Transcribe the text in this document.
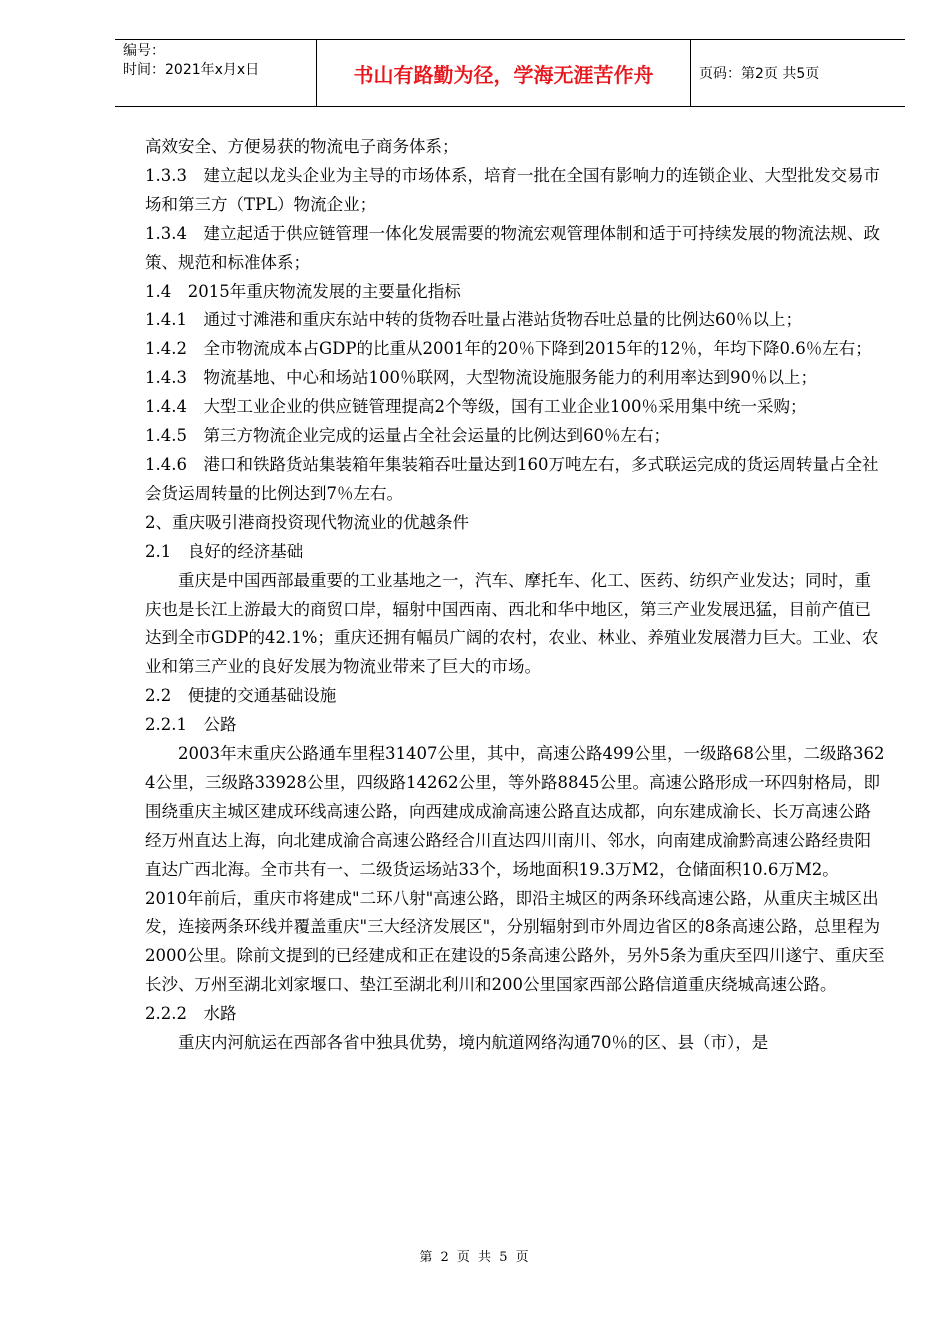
编号：
时间：2021年x月x日	书山有路勤为径，学海无涯苦作舟	页码：第2页 共5页

高效安全、方便易获的物流电子商务体系；

1.3.3　建立起以龙头企业为主导的市场体系，培育一批在全国有影响力的连锁企业、大型批发交易市场和第三方（TPL）物流企业；

1.3.4　建立起适于供应链管理一体化发展需要的物流宏观管理体制和适于可持续发展的物流法规、政策、规范和标准体系；

1.4　2015年重庆物流发展的主要量化指标

1.4.1　通过寸滩港和重庆东站中转的货物吞吐量占港站货物吞吐总量的比例达60％以上；

1.4.2　全市物流成本占GDP的比重从2001年的20％下降到2015年的12％，年均下降0.6％左右；

1.4.3　物流基地、中心和场站100％联网，大型物流设施服务能力的利用率达到90％以上；

1.4.4　大型工业企业的供应链管理提高2个等级，国有工业企业100％采用集中统一采购；

1.4.5　第三方物流企业完成的运量占全社会运量的比例达到60％左右；

1.4.6　港口和铁路货站集装箱年集装箱吞吐量达到160万吨左右，多式联运完成的货运周转量占全社会货运周转量的比例达到7％左右。

2、重庆吸引港商投资现代物流业的优越条件

2.1　良好的经济基础

重庆是中国西部最重要的工业基地之一，汽车、摩托车、化工、医药、纺织产业发达；同时，重庆也是长江上游最大的商贸口岸，辐射中国西南、西北和华中地区，第三产业发展迅猛，目前产值已达到全市GDP的42.1%；重庆还拥有幅员广阔的农村，农业、林业、养殖业发展潜力巨大。工业、农业和第三产业的良好发展为物流业带来了巨大的市场。

2.2　便捷的交通基础设施

2.2.1　公路

2003年末重庆公路通车里程31407公里，其中，高速公路499公里，一级路68公里，二级路3624公里，三级路33928公里，四级路14262公里，等外路8845公里。高速公路形成一环四射格局，即围绕重庆主城区建成环线高速公路，向西建成成渝高速公路直达成都，向东建成渝长、长万高速公路经万州直达上海，向北建成渝合高速公路经合川直达四川南川、邻水，向南建成渝黔高速公路经贵阳直达广西北海。全市共有一、二级货运场站33个，场地面积19.3万M2，仓储面积10.6万M2。

2010年前后，重庆市将建成"二环八射"高速公路，即沿主城区的两条环线高速公路，从重庆主城区出发，连接两条环线并覆盖重庆"三大经济发展区"，分别辐射到市外周边省区的8条高速公路，总里程为2000公里。除前文提到的已经建成和正在建设的5条高速公路外，另外5条为重庆至四川遂宁、重庆至长沙、万州至湖北刘家堰口、垫江至湖北利川和200公里国家西部公路信道重庆绕城高速公路。

2.2.2　水路

重庆内河航运在西部各省中独具优势，境内航道网络沟通70％的区、县（市），是

第 2 页 共 5 页
